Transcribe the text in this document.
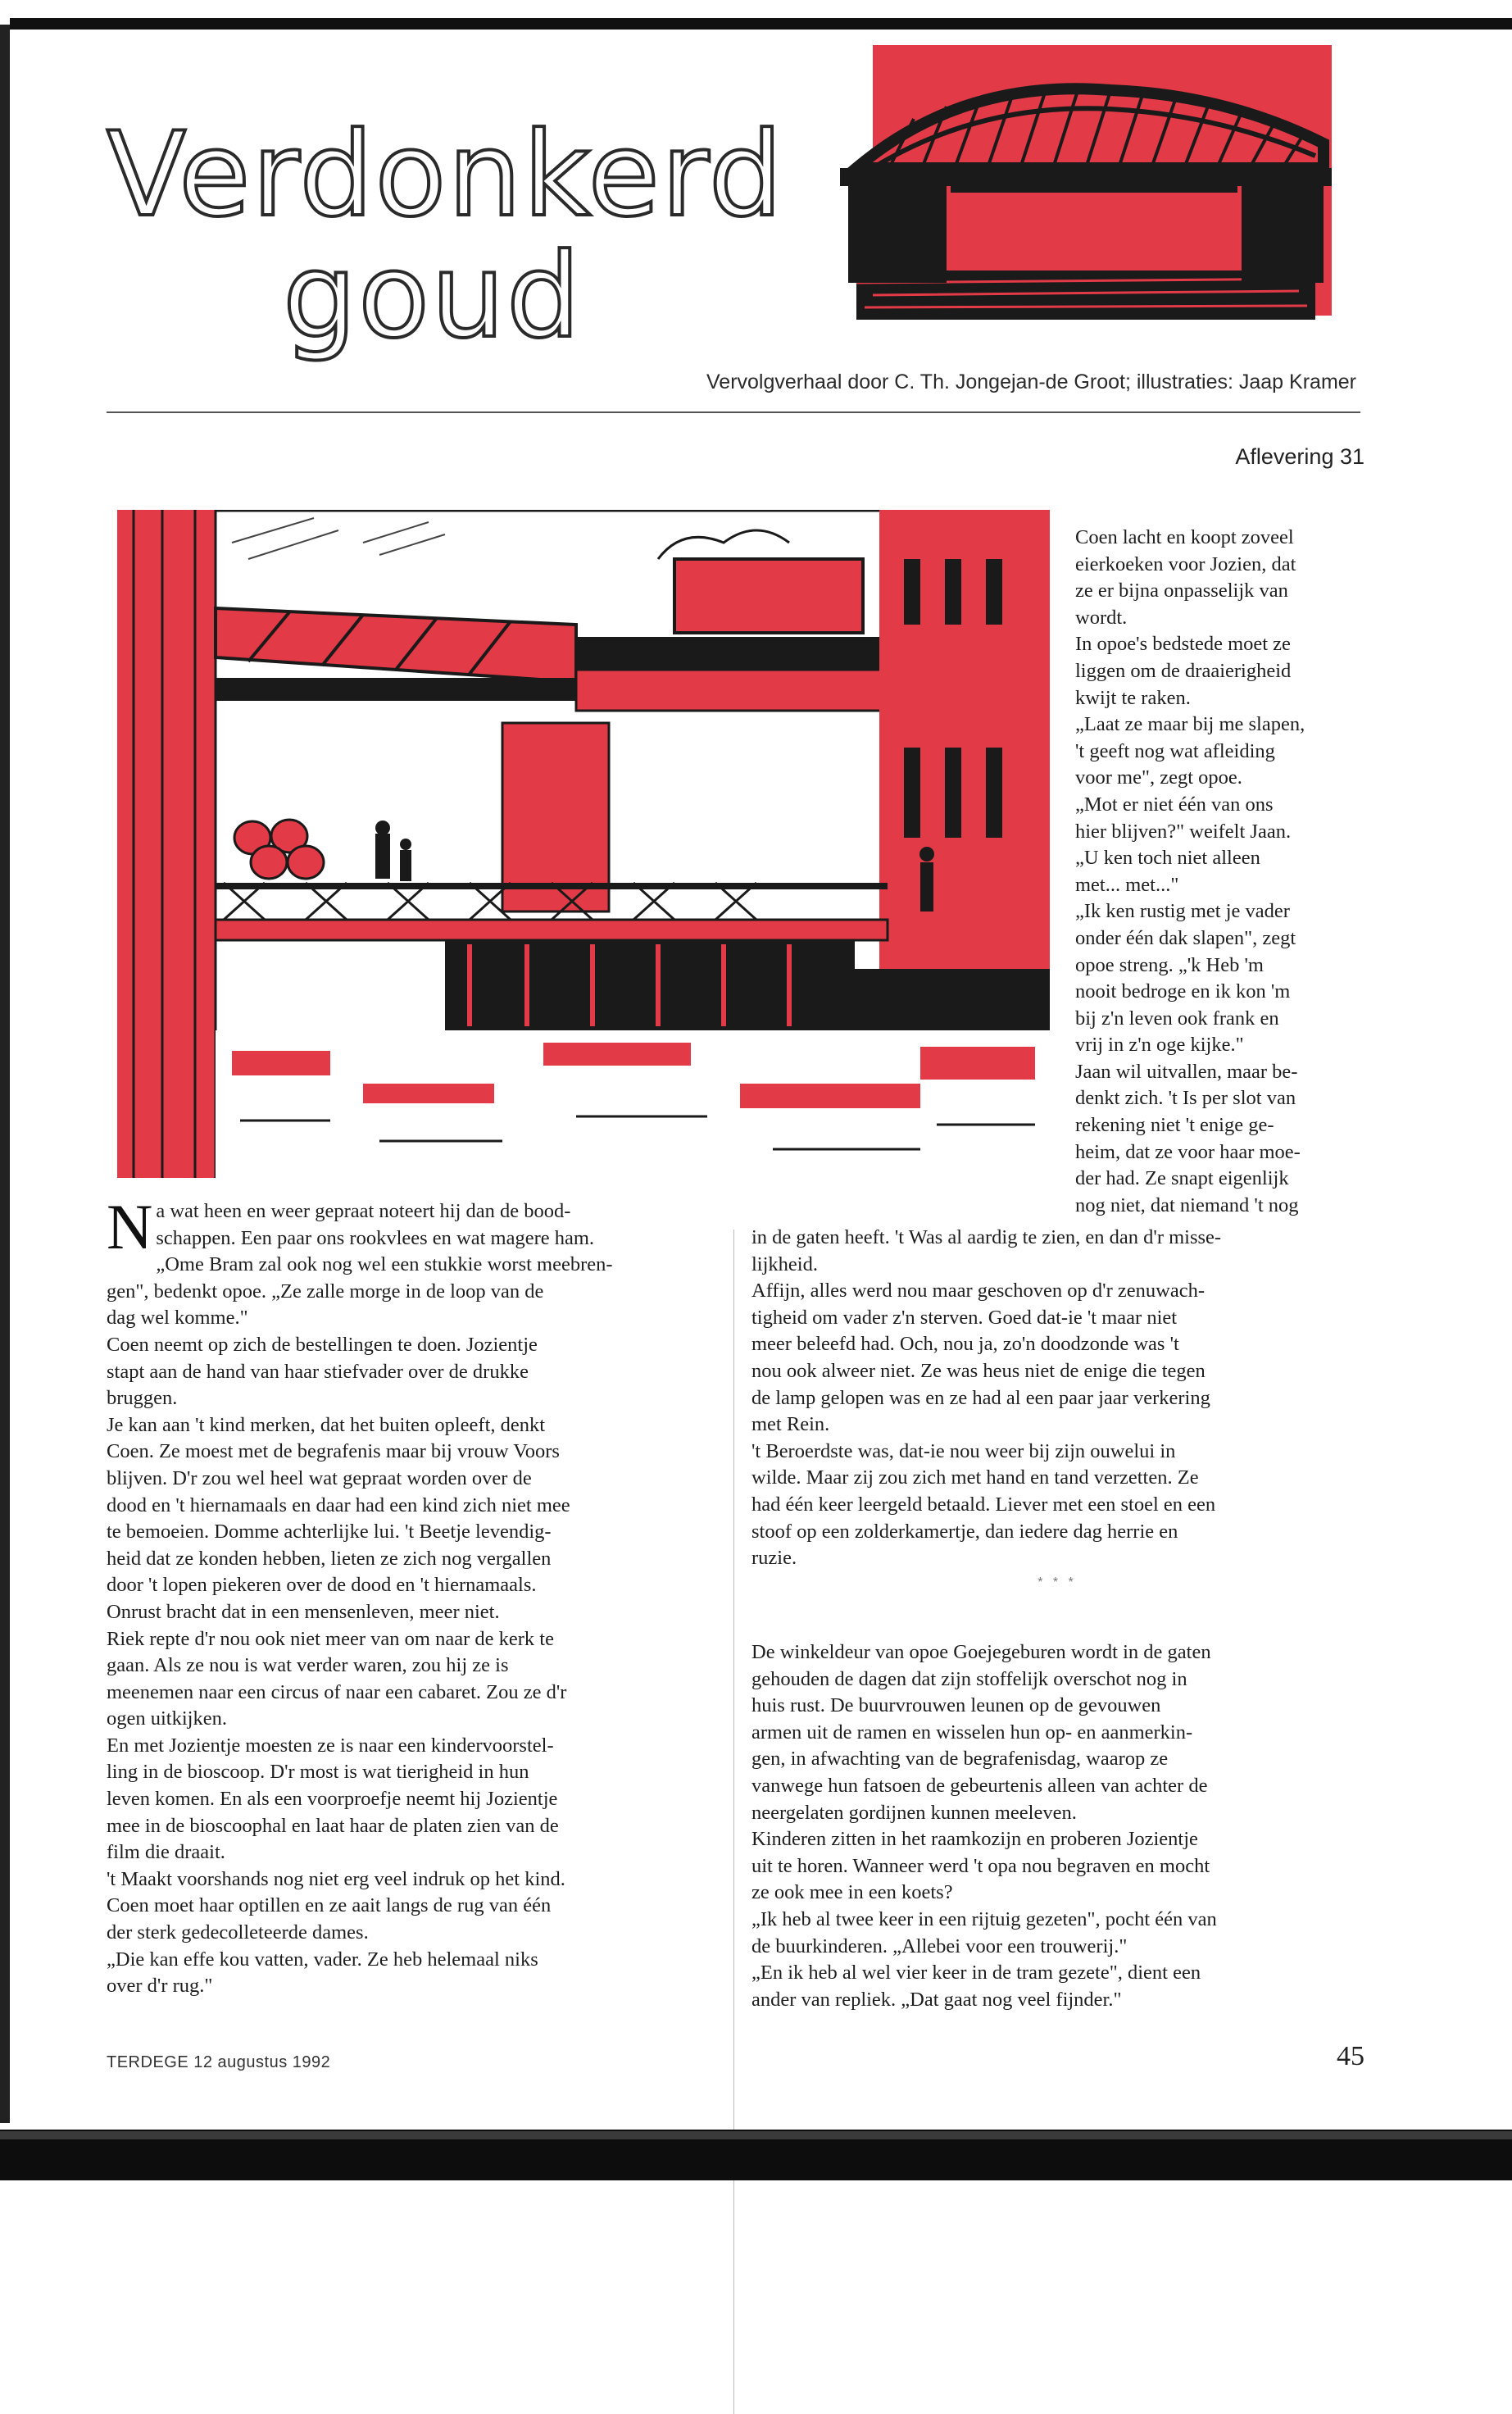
Verdonkerd
goud
Vervolgverhaal door C. Th. Jongejan-de Groot; illustraties: Jaap Kramer
Aflevering 31

Coen lacht en koopt zoveel

eierkoeken voor Jozien, dat

ze er bijna onpasselijk van

wordt.

In opoe's bedstede moet ze

liggen om de draaierigheid

kwijt te raken.

„Laat ze maar bij me slapen,

't geeft nog wat afleiding

voor me", zegt opoe.

„Mot er niet één van ons

hier blijven?" weifelt Jaan.

„U ken toch niet alleen

met... met..."

„Ik ken rustig met je vader

onder één dak slapen", zegt

opoe streng. „'k Heb 'm

nooit bedroge en ik kon 'm

bij z'n leven ook frank en

vrij in z'n oge kijke."

Jaan wil uitvallen, maar be-

denkt zich. 't Is per slot van

rekening niet 't enige ge-

heim, dat ze voor haar moe-

der had. Ze snapt eigenlijk

nog niet, dat niemand 't nog

Na wat heen en weer gepraat noteert hij dan de bood-

schappen. Een paar ons rookvlees en wat magere ham.

„Ome Bram zal ook nog wel een stukkie worst meebren-

gen", bedenkt opoe. „Ze zalle morge in de loop van de

dag wel komme."

Coen neemt op zich de bestellingen te doen. Jozientje

stapt aan de hand van haar stiefvader over de drukke

bruggen.

Je kan aan 't kind merken, dat het buiten opleeft, denkt

Coen. Ze moest met de begrafenis maar bij vrouw Voors

blijven. D'r zou wel heel wat gepraat worden over de

dood en 't hiernamaals en daar had een kind zich niet mee

te bemoeien. Domme achterlijke lui. 't Beetje levendig-

heid dat ze konden hebben, lieten ze zich nog vergallen

door 't lopen piekeren over de dood en 't hiernamaals.

Onrust bracht dat in een mensenleven, meer niet.

Riek repte d'r nou ook niet meer van om naar de kerk te

gaan. Als ze nou is wat verder waren, zou hij ze is

meenemen naar een circus of naar een cabaret. Zou ze d'r

ogen uitkijken.

En met Jozientje moesten ze is naar een kindervoorstel-

ling in de bioscoop. D'r most is wat tierigheid in hun

leven komen. En als een voorproefje neemt hij Jozientje

mee in de bioscoophal en laat haar de platen zien van de

film die draait.

't Maakt voorshands nog niet erg veel indruk op het kind.

Coen moet haar optillen en ze aait langs de rug van één

der sterk gedecolleteerde dames.

„Die kan effe kou vatten, vader. Ze heb helemaal niks

over d'r rug."

in de gaten heeft. 't Was al aardig te zien, en dan d'r misse-

lijkheid.

Affijn, alles werd nou maar geschoven op d'r zenuwach-

tigheid om vader z'n sterven. Goed dat-ie 't maar niet

meer beleefd had. Och, nou ja, zo'n doodzonde was 't

nou ook alweer niet. Ze was heus niet de enige die tegen

de lamp gelopen was en ze had al een paar jaar verkering

met Rein.

't Beroerdste was, dat-ie nou weer bij zijn ouwelui in

wilde. Maar zij zou zich met hand en tand verzetten. Ze

had één keer leergeld betaald. Liever met een stoel en een

stoof op een zolderkamertje, dan iedere dag herrie en

ruzie.

* * *

De winkeldeur van opoe Goejegeburen wordt in de gaten

gehouden de dagen dat zijn stoffelijk overschot nog in

huis rust. De buurvrouwen leunen op de gevouwen

armen uit de ramen en wisselen hun op- en aanmerkin-

gen, in afwachting van de begrafenisdag, waarop ze

vanwege hun fatsoen de gebeurtenis alleen van achter de

neergelaten gordijnen kunnen meeleven.

Kinderen zitten in het raamkozijn en proberen Jozientje

uit te horen. Wanneer werd 't opa nou begraven en mocht

ze ook mee in een koets?

„Ik heb al twee keer in een rijtuig gezeten", pocht één van

de buurkinderen. „Allebei voor een trouwerij."

„En ik heb al wel vier keer in de tram gezete", dient een

ander van repliek. „Dat gaat nog veel fijnder."

TERDEGE 12 augustus 1992	45
